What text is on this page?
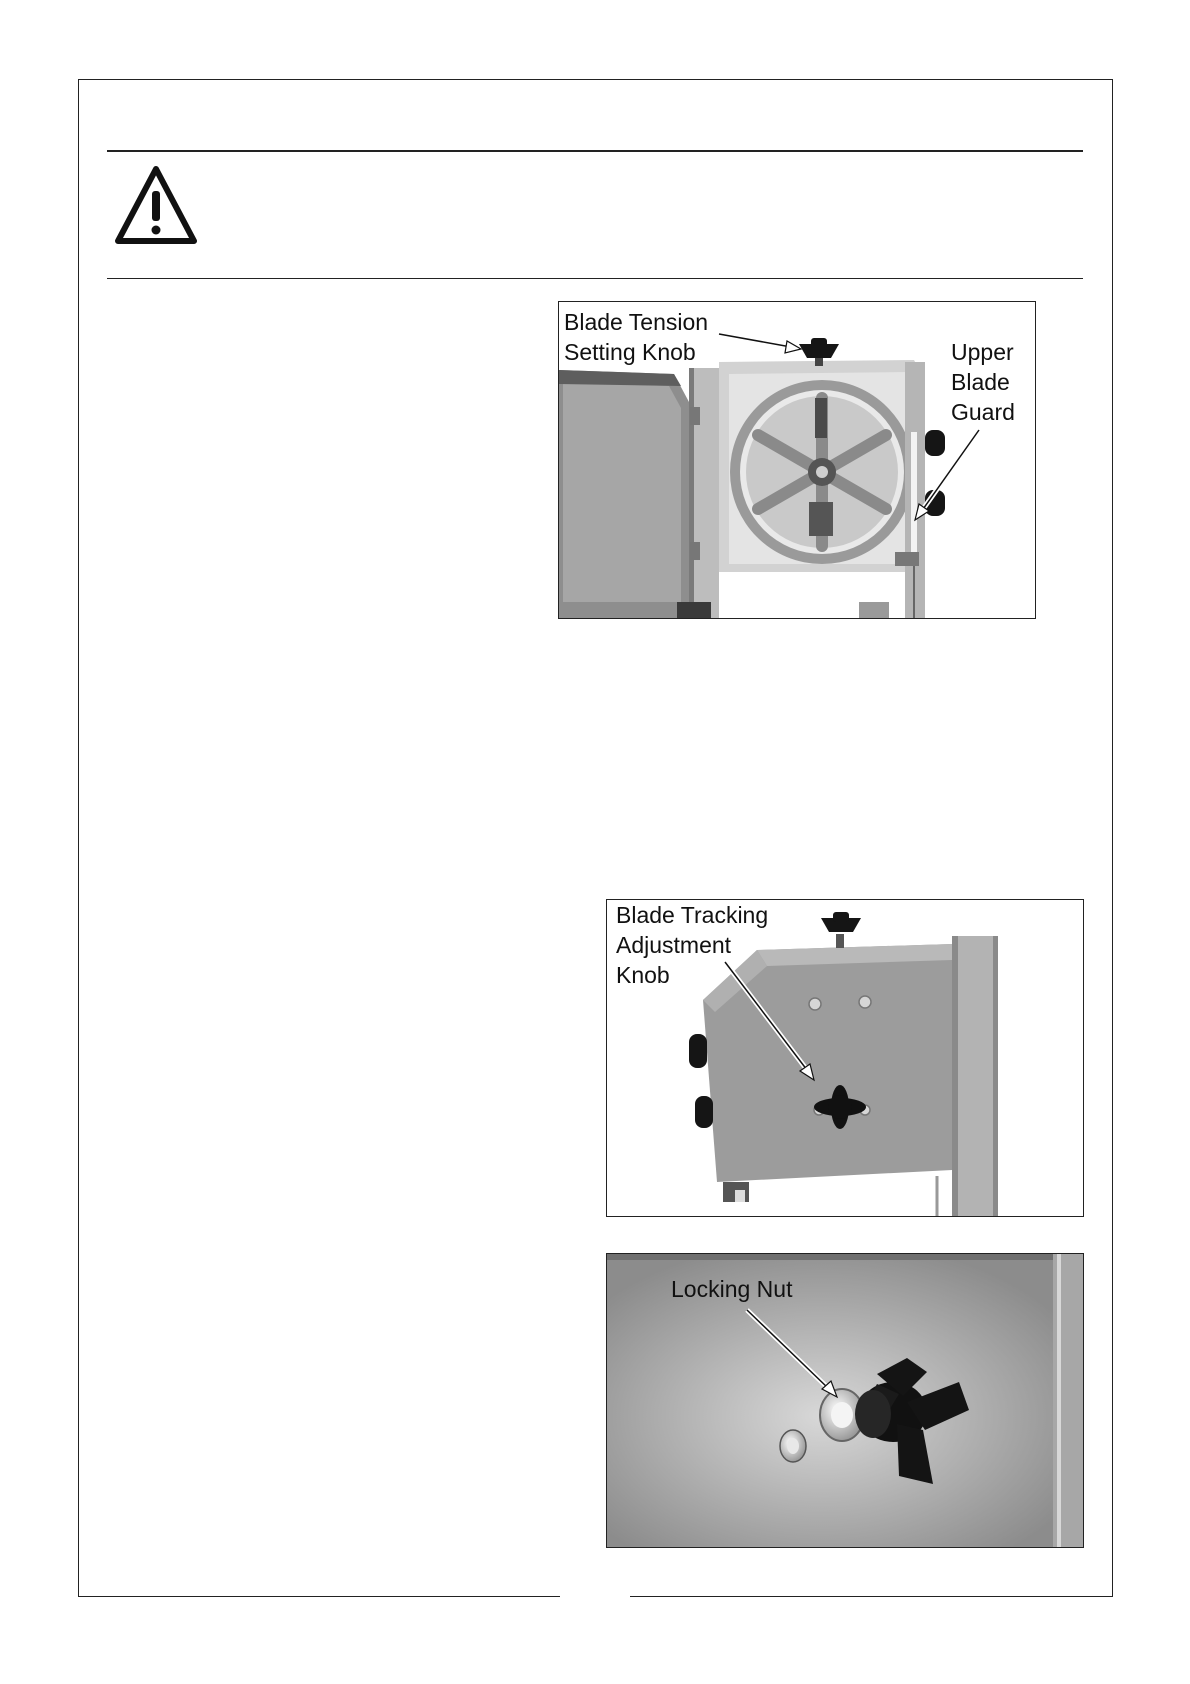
Blade Tension
Setting Knob	Upper
Blade
Guard
Blade Tracking
Adjustment
Knob
Locking Nut
